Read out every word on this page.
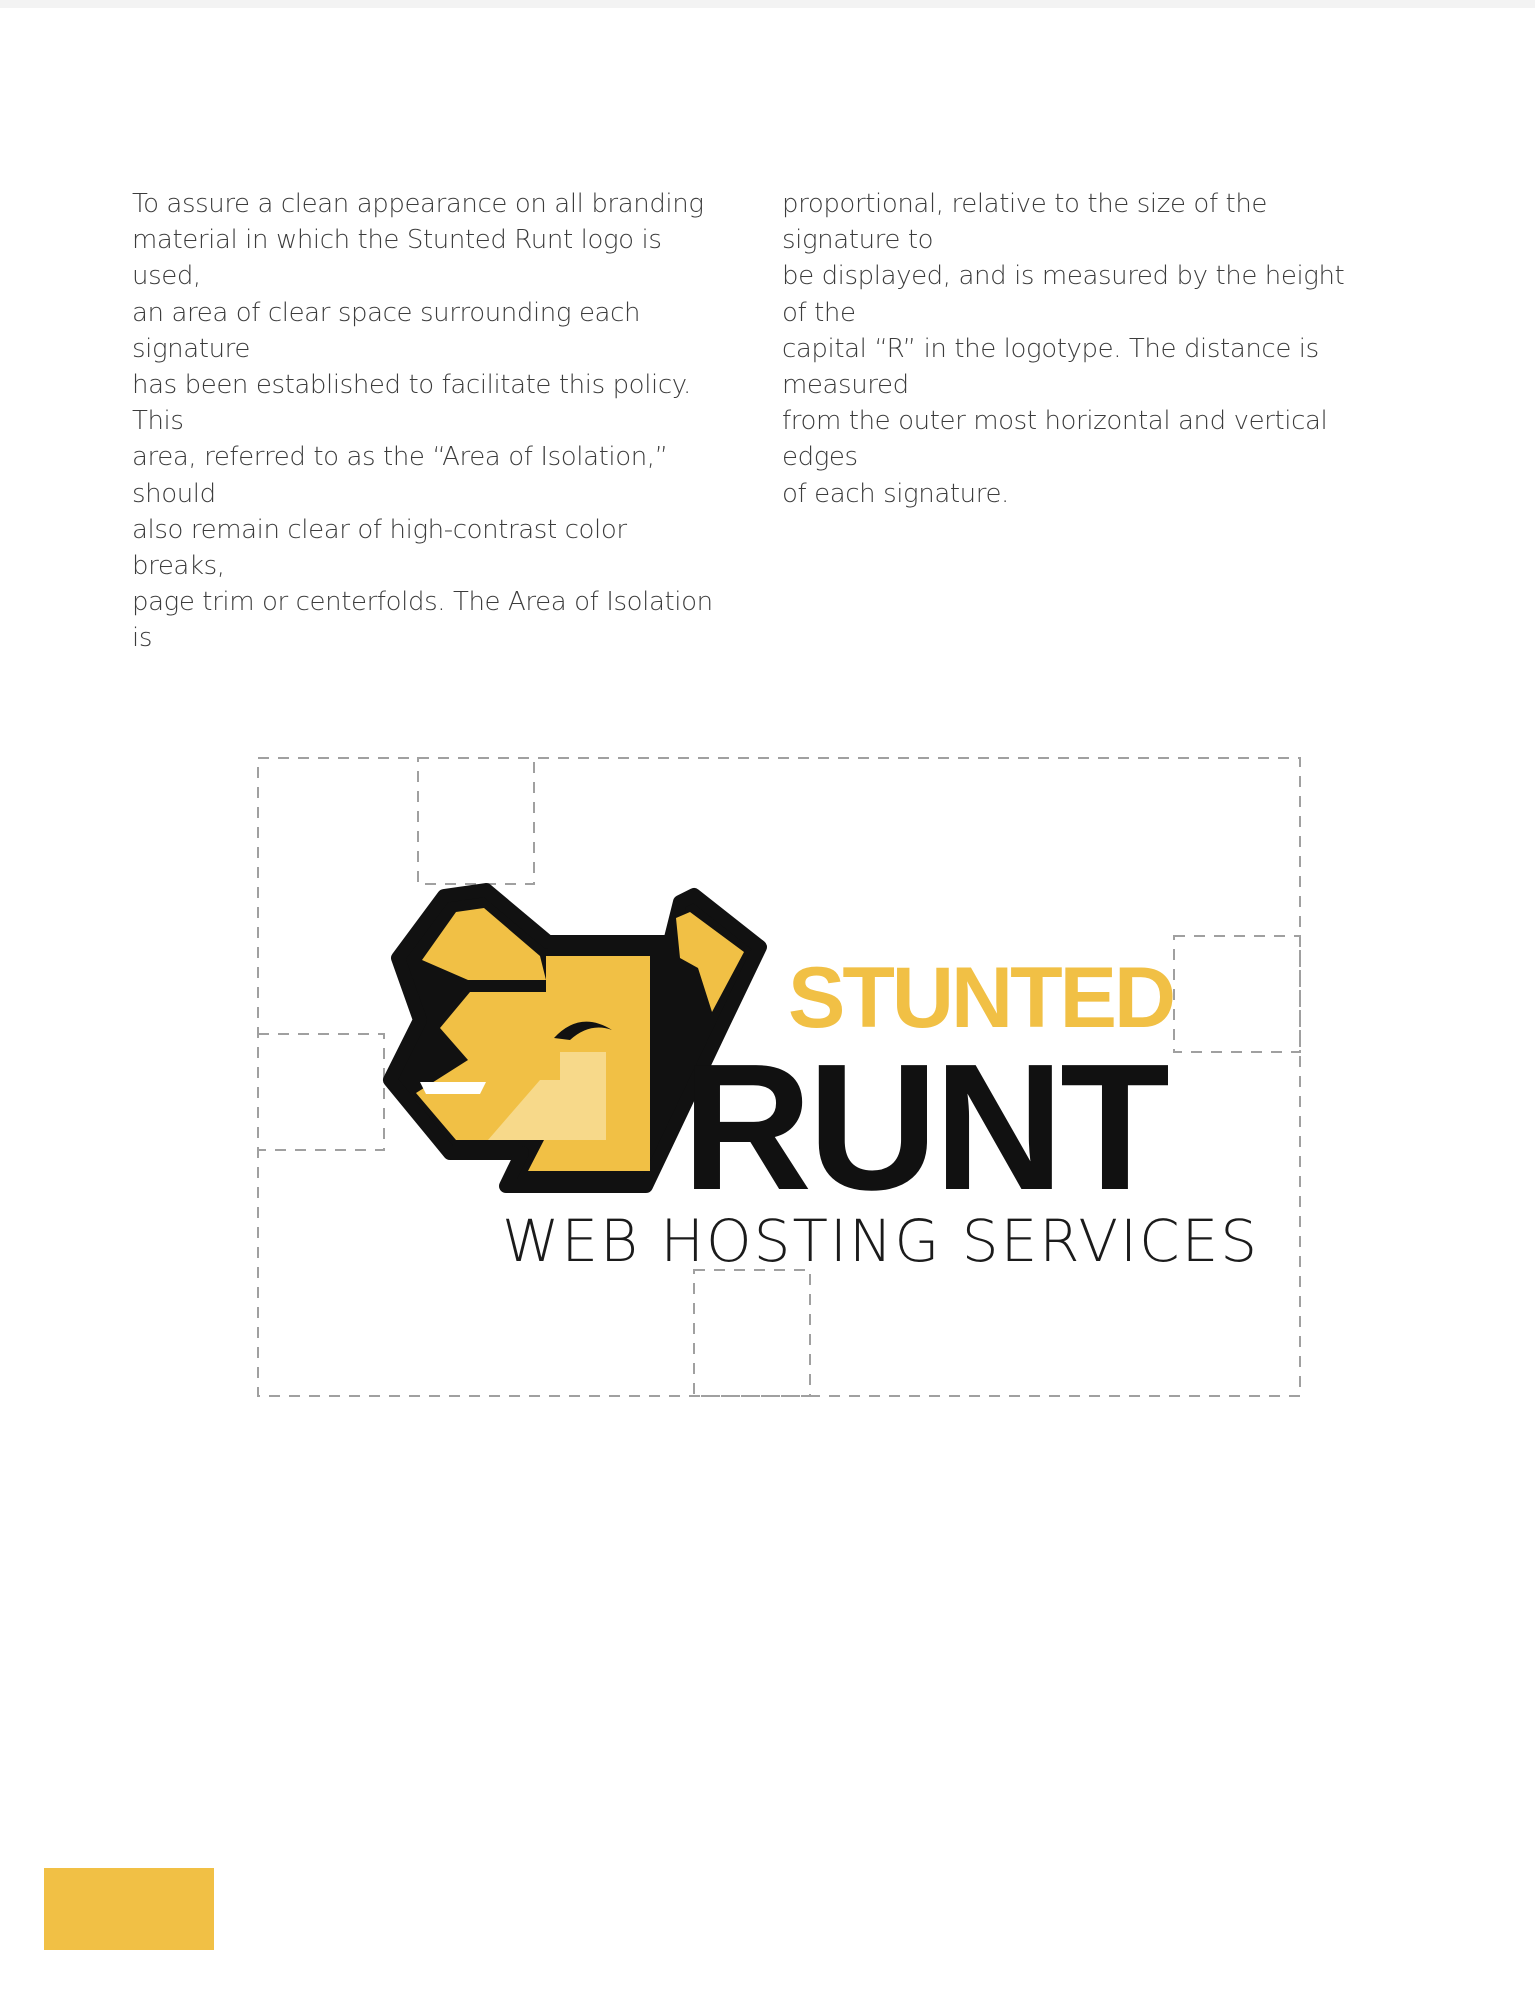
To assure a clean appearance on all branding

material in which the Stunted Runt logo is used,

an area of clear space surrounding each signature

has been established to facilitate this policy. This

area, referred to as the “Area of Isolation,” should

also remain clear of high-contrast color breaks,

page trim or centerfolds. The Area of Isolation is

proportional, relative to the size of the signature to

be displayed, and is measured by the height of the

capital “R” in the logotype. The distance is measured

from the outer most horizontal and vertical edges

of each signature.

STUNTED
RUNT
WEB HOSTING SERVICES
